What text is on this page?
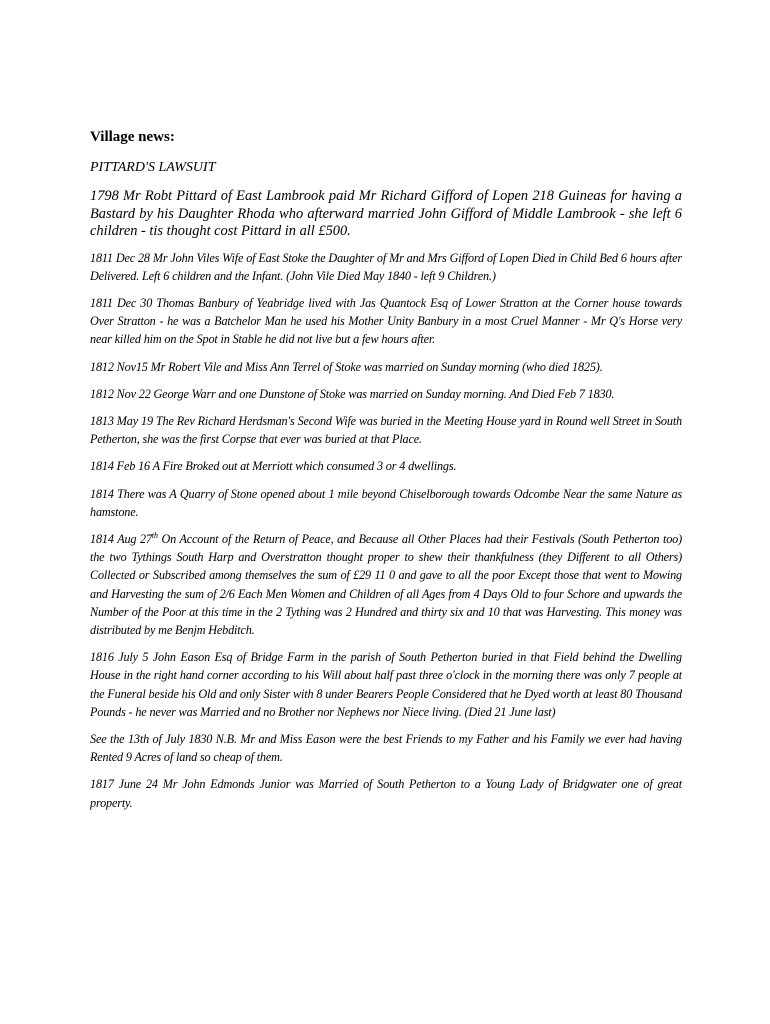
Village news:

PITTARD'S LAWSUIT

1798 Mr Robt Pittard of East Lambrook paid Mr Richard Gifford of Lopen 218 Guineas for having a Bastard by his Daughter Rhoda who afterward married John Gifford of Middle Lambrook - she left 6 children - tis thought cost Pittard in all £500.

1811 Dec 28 Mr John Viles Wife of East Stoke the Daughter of Mr and Mrs Gifford of Lopen Died in Child Bed 6 hours after Delivered. Left 6 children and the Infant. (John Vile Died May 1840 - left 9 Children.)

1811 Dec 30 Thomas Banbury of Yeabridge lived with Jas Quantock Esq of Lower Stratton at the Corner house towards Over Stratton - he was a Batchelor Man he used his Mother Unity Banbury in a most Cruel Manner - Mr Q's Horse very near killed him on the Spot in Stable he did not live but a few hours after.

1812 Nov15 Mr Robert Vile and Miss Ann Terrel of Stoke was married on Sunday morning (who died 1825).

1812 Nov 22 George Warr and one Dunstone of Stoke was married on Sunday morning. And Died Feb 7 1830.

1813 May 19 The Rev Richard Herdsman's Second Wife was buried in the Meeting House yard in Round well Street in South Petherton, she was the first Corpse that ever was buried at that Place.

1814 Feb 16 A Fire Broked out at Merriott which consumed 3 or 4 dwellings.

1814 There was A Quarry of Stone opened about 1 mile beyond Chiselborough towards Odcombe Near the same Nature as hamstone.

1814 Aug 27th On Account of the Return of Peace, and Because all Other Places had their Festivals (South Petherton too) the two Tythings South Harp and Overstratton thought proper to shew their thankfulness (they Different to all Others) Collected or Subscribed among themselves the sum of £29 11 0 and gave to all the poor Except those that went to Mowing and Harvesting the sum of 2/6 Each Men Women and Children of all Ages from 4 Days Old to four Schore and upwards the Number of the Poor at this time in the 2 Tything was 2 Hundred and thirty six and 10 that was Harvesting. This money was distributed by me Benjm Hebditch.

1816 July 5 John Eason Esq of Bridge Farm in the parish of South Petherton buried in that Field behind the Dwelling House in the right hand corner according to his Will about half past three o'clock in the morning there was only 7 people at the Funeral beside his Old and only Sister with 8 under Bearers People Considered that he Dyed worth at least 80 Thousand Pounds - he never was Married and no Brother nor Nephews nor Niece living. (Died 21 June last)

See the 13th of July 1830 N.B. Mr and Miss Eason were the best Friends to my Father and his Family we ever had having Rented 9 Acres of land so cheap of them.

1817 June 24 Mr John Edmonds Junior was Married of South Petherton to a Young Lady of Bridgwater one of great property.
